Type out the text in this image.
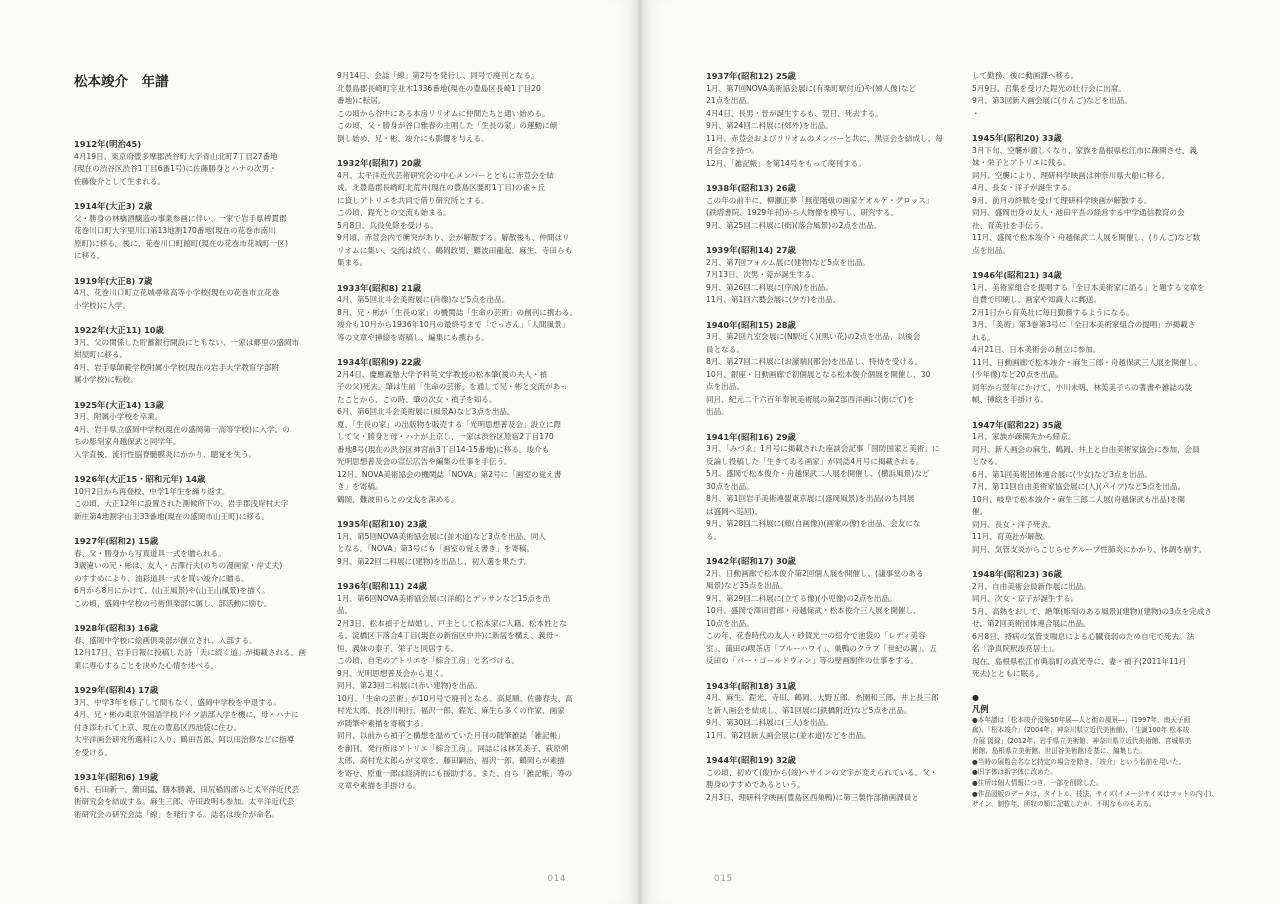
松本竣介　年譜
1912年(明治45)
4月19日、東京府豊多摩郡渋谷町大字青山北町7丁目27番地
(現在の渋谷区渋谷1丁目6番1号)に佐藤勝身とハナの次男・
佐藤俊介として生まれる。
1914年(大正3) 2歳
父・勝身の林檎酒醸造の事業参画に伴い、一家で岩手県稗貫郡
花巻川口町大字里川口第13地割170番地(現在の花巻市南川
原町)に移る。後に、花巻川口町館町(現在の花巻市花城町一区)
に移る。
1919年(大正8) 7歳
4月、花巻川口町立花城尋常高等小学校(現在の花巻市立花巻
小学校)に入学。
1922年(大正11) 10歳
3月、父の関係した貯蓄銀行開設にともない、一家は郷里の盛岡市
紺屋町に移る。
4月、岩手県師範学校附属小学校(現在の岩手大学教育学部附
属小学校)に転校。
1925年(大正14) 13歳
3月、附属小学校を卒業。
4月、岩手県立盛岡中学校(現在の盛岡第一高等学校)に入学。の
ちの彫刻家舟越保武と同学年。
入学直後、流行性脳脊髄膜炎にかかり、聴覚を失う。
1926年(大正15・昭和元年) 14歳
10月2日から再登校、中学1年生を繰り返す。
この頃、大正12年に設置された測候所下の、岩手郡浅岸村大字
新庄第4地割字山王33番地(現在の盛岡市山王町)に移る。
1927年(昭和2) 15歳
春、父・勝身から写真道具一式を贈られる。
3歳違いの兄・彬は、友人・古澤行夫(のちの漫画家・岸丈夫)
のすすめにより、油彩道具一式を買い竣介に贈る。
6月から8月にかけて、(山王風景)や(山王山風景)を描く。
この頃、盛岡中学校の弓術倶楽部に属し、部活動に励む。
1928年(昭和3) 16歳
春、盛岡中学校に絵画倶楽部が創立され、入部する。
12月17日、岩手日報に投稿した詩「天に続く道」が掲載される。画
業に専心することを決めた心情を述べる。
1929年(昭和4) 17歳
3月、中学3年を修了して間もなく、盛岡中学校を中退する。
4月、兄・彬の東京外国語学校ドイツ語部入学を機に、母・ハナに
付き添われて上京、現在の豊島区西池袋に住む。
太平洋画会研究所選科に入り、鶴田吾郎、阿以田治修などに指導
を受ける。
1931年(昭和6) 19歳
6月、石田新一、薗田猛、膳本勝義、田尻稲四郎らと太平洋近代芸
術研究会を結成する。麻生三郎、寺田政明も参加。太平洋近代芸
術研究会の研究会誌「線」を発行する。誌名は竣介が命名。
9月14日、会誌「線」第2号を発行し、同号で廃刊となる。
北豊島郡長崎町字並木1336番地(現在の豊島区長崎1丁目20
番地)に転居。
この頃から谷中にある本房リリオムに仲間たちと通い始める。
この頃、父・勝身が谷口雅春の主唱した「生長の家」の運動に傾
倒し始め、兄・彬、竣介にも影響を与える。
1932年(昭和7) 20歳
4月、太平洋近代芸術研究会の中心メンバーとともに赤荳会を結
成。北豊島郡長崎町北荒井(現在の豊島区要町1丁目)の雀ヶ丘
に貸しアトリエを共同で借り研究所とする。
この頃、鋥光との交流も始まる。
5月8日、兵役免除を受ける。
9月頃、赤荳会内で衝突があり、会が解散する。解散後も、仲間はリ
リオムに集い、交流は続く。鶴岡政男、難波田龍起、麻生、寺田らも
集まる。
1933年(昭和8) 21歳
4月、第5回北斗会美術展に(肖像)など5点を出品。
8月、兄・彬が「生長の家」の機関誌「生命の芸術」の創刊に携わる。
竣介も10月から1936年10月の最終号まで「でっさん」「人間風景」
等の文章や挿絵を寄稿し、編集にも携わる。
1934年(昭和9) 22歳
2月4日、慶應義塾大学予科英文学教授の松本肇(後の夫人・禎
子の父)死去。肇は生前「生命の芸術」を通して兄・彬と交流があっ
たことから、この時、肇の次女・禎子を知る。
6月、第6回北斗会美術展に(風景A)など3点を出品。
夏、「生長の家」の出版物を販売する「光明思想普及会」設立に際
して父・勝身と母・ハナが上京し、一家は渋谷区原宿2丁目170
番地8号(現在の渋谷区神宮前3丁目14-15番地)に移る。竣介も
光明思想普及会の宣伝広告や編集の仕事を手伝う。
12月、NOVA美術協会の機関誌「NOVA」第2号に「画室の覚え書
き」を寄稿。
鶴岡、難波田らとの交友を深める。
1935年(昭和10) 23歳
1月、第5回NOVA美術協会展に(並木道)など3点を出品、同人
となる。「NOVA」第3号にも「画室の覚え書き」を寄稿。
9月、第22回二科展に(建物)を出品し、初入選を果たす。
1936年(昭和11) 24歳
1月、第6回NOVA美術協会展に(洋館)とデッサンなど15点を出
品。
2月3日、松本禎子と結婚し、戸主として松本家に入籍、松本姓とな
る。淀橋区下落合4丁目(現在の新宿区中井)に新居を構え、義母・
恒、義妹の泰子、栄子と同居する。
この頃、自宅のアトリエを「綜合工房」と名づける。
9月、光明思想普及会から退く。
同月、第23回二科展に(赤い建物)を出品。
10月、「生命の芸術」が10月号で廃刊となる。高見順、佐藤春夫、高
村光太郎、長谷川利行、福沢一郎、鋥光、麻生ら多くの作家、画家
が随筆や素描を寄稿する。
同月、以前から禎子と構想を温めていた月刊の随筆雑誌「雑記帳」
を創刊。発行所はアトリエ「綜合工房」。同誌には林芙美子、萩原朔
太郎、高村光太郎らが文章を、藤田嗣治、福沢一郎、鶴岡らが素描
を寄せ、原重一郎は経済的にも援助する。また、自ら「雑記帳」等の
文章や素描を手掛ける。
014
1937年(昭和12) 25歳
1月、第7回NOVA美術協会展に(有楽町駅付近)や(婦人像)など
21点を出品。
4月4日、長男・晉が誕生するも、翌日、死去する。
9月、第24回二科展に(郊外)を出品。
11月、赤荳会およびリリオムのメンバーと共に、黒豆会を結成し、毎
月会合を持つ。
12月、「雑記帳」を第14号をもって廃刊する。
1938年(昭和13) 26歳
この年の前半に、柳瀬正夢「無産階級の画家ゲオルゲ・グロッス」
(鉄塔書院、1929年刊)から人物像を模写し、研究する。
9月、第25回二科展に(街)(落合風景)の2点を出品。
1939年(昭和14) 27歳
2月、第7回フォルム展に(建物)など5点を出品。
7月13日、次男・莞が誕生する。
9月、第26回二科展に(序説)を出品。
11月、第1回六藝会展に(夕方)を出品。
1940年(昭和15) 28歳
3月、第2回九室会展に(N駅近く)(黒い花)の2点を出品、以後会
員となる。
8月、第27回二科展に(お濠端)(都会)を出品し、特待を受ける。
10月、銀座・日動画廊で初個展となる松本俊介個展を開催し、30
点を出品。
同月、紀元二千六百年奉祝美術展の第2部西洋画に(街にて)を
出品。
1941年(昭和16) 29歳
3月、「みづゑ」1月号に掲載された座談会記事「国防国家と美術」に
反論し投稿した「生きてゐる画家」が同誌4月号に掲載される。
5月、盛岡で松本俊介・舟越保武二人展を開催し、(横浜風景)など
30点を出品。
8月、第1回岩手美術連盟東京展に(盛岡風景)を出品(のち同展
は盛岡へ巡回)。
9月、第28回二科展に(顔(自画像))(画家の像)を出品、会友にな
る。
1942年(昭和17) 30歳
2月、日動画廊で松本俊介第2回個人展を開催し、(議事堂のある
風景)など35点を出品。
9月、第29回二科展に(立てる像)(小児像)の2点を出品。
10月、盛岡で澤田哲郎・舟越保武・松本俊介三人展を開催し、
10点を出品。
この年、花巻時代の友人・砂賀光一の紹介で池袋の「レディ美容
室」、蒲田の喫茶店「ブルーハワイ」、巣鴨のクラブ「世紀の翼」、五
反田の「バー・ゴールドウィン」等の壁画制作の仕事をする。
1943年(昭和18) 31歳
4月、麻生、鋥光、寺田、鶴岡、大野五郎、糸園和三郎、井上長三郎
と新人画会を結成し、第1回展に(鉄橋附近)など5点を出品。
9月、第30回二科展に(三人)を出品。
11月、第2回新人画会展に(並木道)などを出品。
1944年(昭和19) 32歳
この頃、初めて(俊)から(竣)へサインの文字が変えられている。父・
勝身のすすめであるという。
2月3日、理研科学映画(豊島区西巣鴨)に第三製作部描画課員と
して勤務、後に動画課へ移る。
5月9日、召集を受けた鋥光の壮行会に出席。
9月、第3回新人画会展に(りんご)などを出品。
・
1945年(昭和20) 33歳
3月下旬、空襲が激しくなり、家族を島根県松江市に疎開させ、義
妹・栄子とアトリエに残る。
同月、空襲により、理研科学映画は神奈川県大船に移る。
4月、長女・洋子が誕生する。
9月、前月の終戦を受けて理研科学映画が解散する。
同月、盛岡出身の友人・池田平吾の経営する中学通信教育の会
社、育英社を手伝う。
11月、盛岡で松本竣介・舟越保武二人展を開催し、(りんご)など数
点を出品。
1946年(昭和21) 34歳
1月、美術家組合を提唱する「全日本美術家に諮る」と題する文章を
自費で印刷し、画家や知識人に郵送。
2月1日から育英社に毎日勤務するようになる。
3月、「美術」第3巻第3号に「全日本美術家組合の提唱」が掲載さ
れる。
4月21日、日本美術会の創立に参加。
11月、日動画廊で松本竣介・麻生三郎・舟越保武三人展を開催し、
(少年像)など20点を出品。
同年から翌年にかけて、小川未明、林芙美子らの著書や雑誌の装
幀、挿絵を手掛ける。
1947年(昭和22) 35歳
1月、家族が疎開先から帰京。
同月、新人画会の麻生、鶴岡、井上と自由美術家協会に参加、会員
となる。
6月、第1回美術団体連合展に(少女)など3点を出品。
7月、第11回自由美術家協会展に(人)(パイプ)など5点を出品。
10月、岐阜で松本竣介・麻生三郎二人展(舟越保武も出品)を開
催。
同月、長女・洋子死去。
11月、育英社が解散。
同月、気管支炎からこじらせクループ性肺炎にかかり、体調を崩す。
1948年(昭和23) 36歳
2月、自由美術会員新作展に出品。
同月、次女・京子が誕生する。
5月、高熱をおして、絶筆(彫刻のある風景)(建物)(建物)の3点を完成さ
せ、第2回美術団体連合展に出品。
6月8日、持病の気管支喘息による心臓衰弱のため自宅で死去。法
名「浄真院釈竣亮居士」。
現在、島根県松江市典翁町の真光寺に、妻・禎子(2011年11月
死去)とともに眠る。
●
凡例
●本年譜は「松本竣介没後50年展―人と街の風景―」(1997年、南天子画
廊)、「松本竣介」(2004年、神奈川県立近代美術館)、「生誕100年 松本竣
介展 図録」(2012年、岩手県立美術館、神奈川県立近代美術館、宮城県美
術館、島根県立美術館、世田谷美術館)を基に、編集した。
●当時の展覧会名など特定の場合を除き、「竣介」という名前を用いた。
●旧字体は新字体に改めた。
●住所は個人情報につき、一部を削除した。
●作品図版のデータは、タイトル、技法、サイズ(イメージサイズはマットの内寸)、
サイン、制作年、所収の順に記載したが、不明なものもある。
015
